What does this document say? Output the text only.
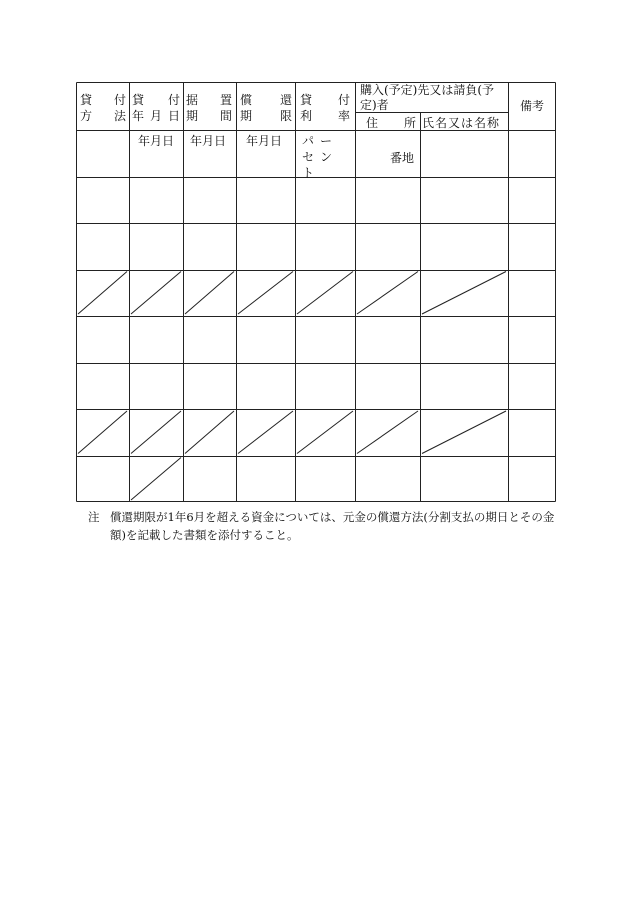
貸 付
方 法
貸 付
年 月 日
据 置
期 間
償 還
期 限
貸 付
利 率
購入(予定)先又は請負(予定)者
住 所 氏名又は名称
備考
年月日 年月日 年月日 パーセント
番地
注 償還期限が1年6月を超える資金については、元金の償還方法(分割支払の期日とその金額)を記載した書類を添付すること。
